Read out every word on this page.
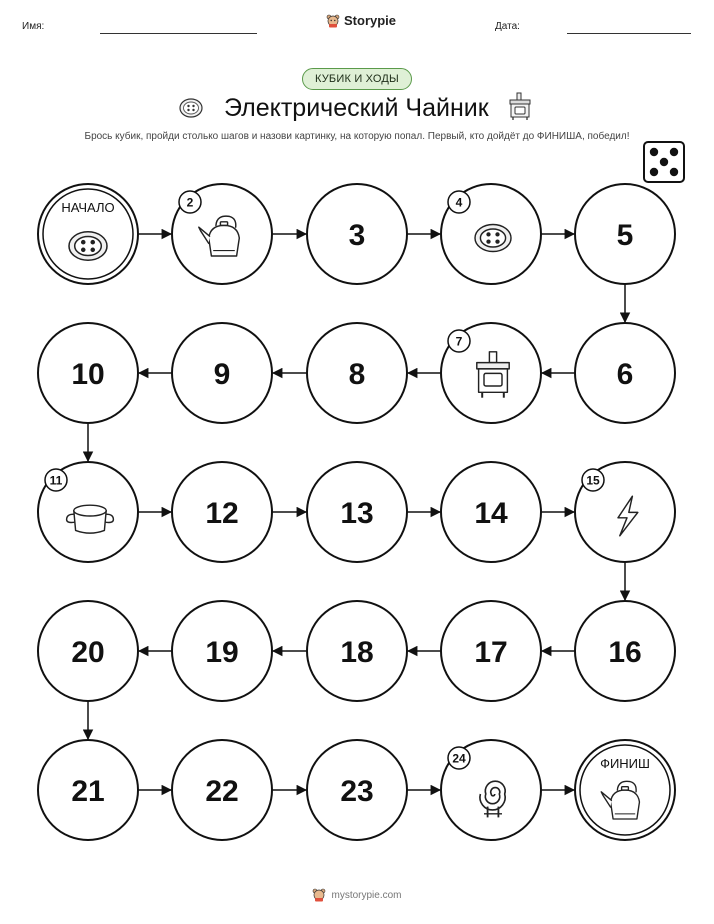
Имя:	Storypie	Дата:
КУБИК И ХОДЫ
Электрический Чайник
Брось кубик, пройди столько шагов и назови картинку, на которую попал. Первый, кто дойдёт до ФИНИША, победил!
НАЧАЛО	2
3
4
5
6
7
8
9
10
11
12	13	14
15
16
17
18
19
20
21	22	23
24	ФИНИШ
mystorypie.com
